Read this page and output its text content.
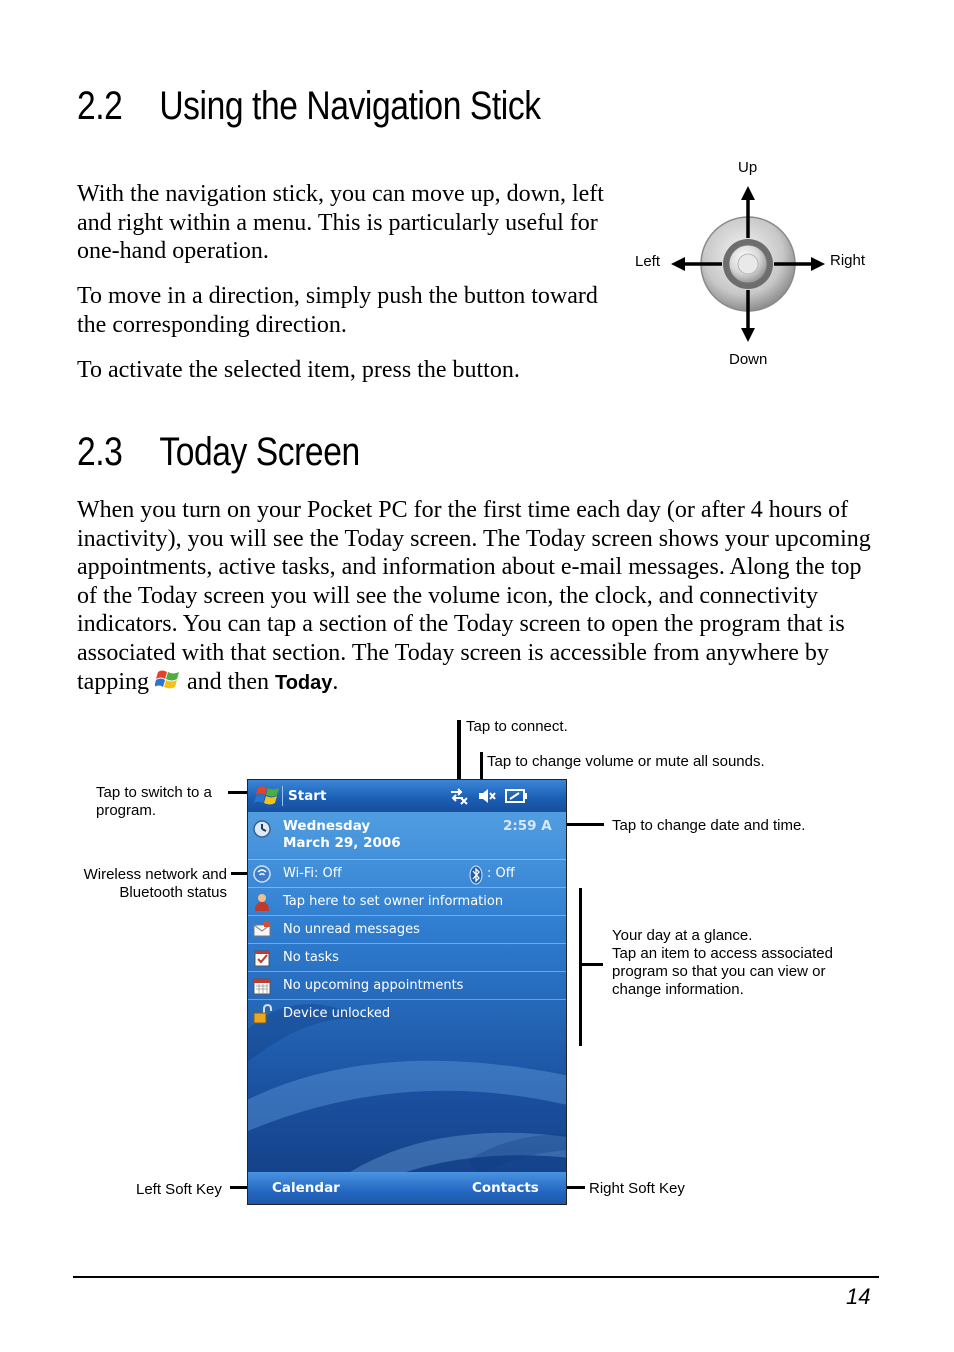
2.2 Using the Navigation Stick

With the navigation stick, you can move up, down, left and right within a menu. This is particularly useful for one-hand operation.

To move in a direction, simply push the button toward the corresponding direction.

To activate the selected item, press the button.

Up

Left	Right

Down

2.3 Today Screen

When you turn on your Pocket PC for the first time each day (or after 4 hours of inactivity), you will see the Today screen. The Today screen shows your upcoming appointments, active tasks, and information about e-mail messages. Along the top of the Today screen you will see the volume icon, the clock, and connectivity indicators. You can tap a section of the Today screen to open the program that is associated with that section. The Today screen is accessible from anywhere by tapping and then Today.

Tap to connect.

Tap to change volume or mute all sounds.

Tap to switch to a program.

Tap to change date and time.

Wireless network and Bluetooth status

Your day at a glance.

Tap an item to access associated program so that you can view or change information.

Left Soft Key	Right Soft Key

Start
Wednesday
March 29, 2006
2:59 A
Wi-Fi: Off	: Off
Tap here to set owner information
No unread messages
No tasks
No upcoming appointments
Device unlocked
Calendar	Contacts
14
